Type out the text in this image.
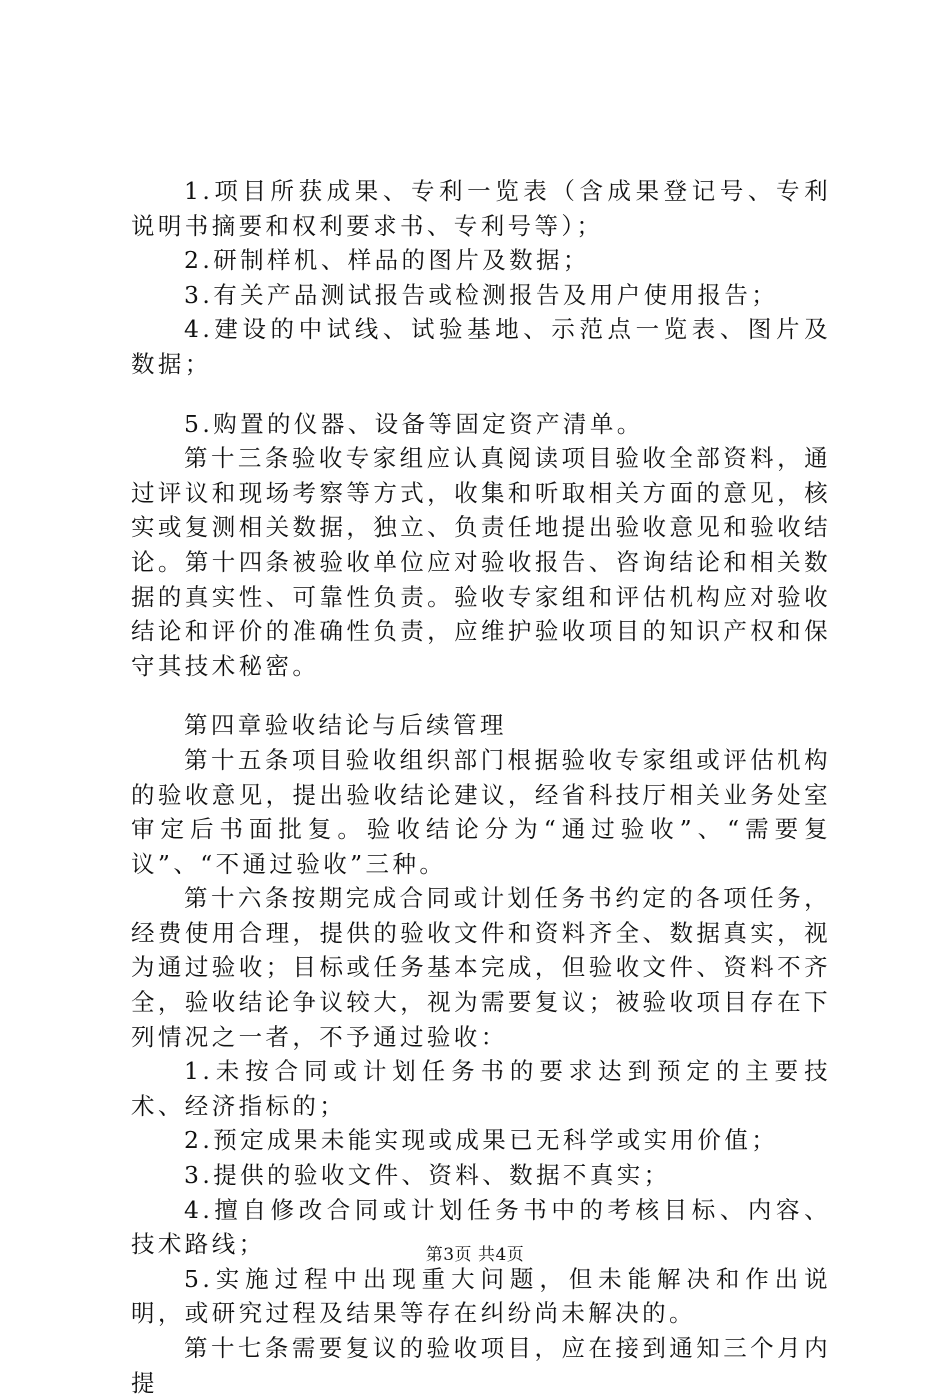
1.项目所获成果、专利一览表（含成果登记号、专利说明书摘要和权利要求书、专利号等）；

2.研制样机、样品的图片及数据；

3.有关产品测试报告或检测报告及用户使用报告；

4.建设的中试线、试验基地、示范点一览表、图片及数据；

5.购置的仪器、设备等固定资产清单。

第十三条验收专家组应认真阅读项目验收全部资料，通过评议和现场考察等方式，收集和听取相关方面的意见，核实或复测相关数据，独立、负责任地提出验收意见和验收结论。第十四条被验收单位应对验收报告、咨询结论和相关数据的真实性、可靠性负责。验收专家组和评估机构应对验收结论和评价的准确性负责，应维护验收项目的知识产权和保守其技术秘密。

第四章验收结论与后续管理

第十五条项目验收组织部门根据验收专家组或评估机构的验收意见，提出验收结论建议，经省科技厅相关业务处室审定后书面批复。验收结论分为“通过验收”、“需要复议”、“不通过验收”三种。

第十六条按期完成合同或计划任务书约定的各项任务，经费使用合理，提供的验收文件和资料齐全、数据真实，视为通过验收；目标或任务基本完成，但验收文件、资料不齐全，验收结论争议较大，视为需要复议；被验收项目存在下列情况之一者，不予通过验收：

1.未按合同或计划任务书的要求达到预定的主要技术、经济指标的；

2.预定成果未能实现或成果已无科学或实用价值；

3.提供的验收文件、资料、数据不真实；

4.擅自修改合同或计划任务书中的考核目标、内容、技术路线；

5.实施过程中出现重大问题，但未能解决和作出说明，或研究过程及结果等存在纠纷尚未解决的。

第十七条需要复议的验收项目，应在接到通知三个月内提

第3页 共4页
